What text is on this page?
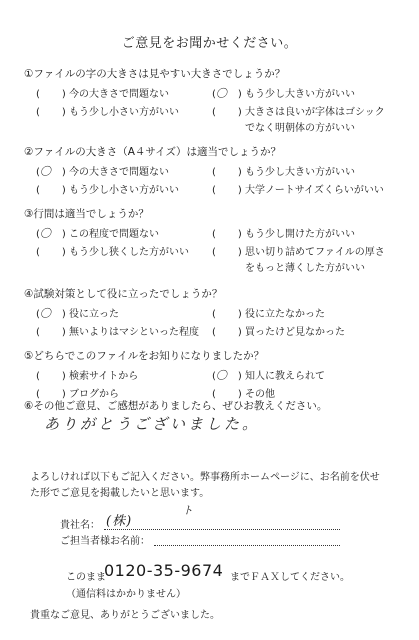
ご意見をお聞かせください。
①ファイルの字の大きさは見やすい大きさでしょうか？
( ) 今の大きさで問題ない	(〇 ) もう少し大きい方がいい
( ) もう少し小さい方がいい	( ) 大きさは良いが字体はゴシック
でなく明朝体の方がいい
②ファイルの大きさ（A４サイズ）は適当でしょうか？
(〇 ) 今の大きさで問題ない	( ) もう少し大きい方がいい
( ) もう少し小さい方がいい	( ) 大学ノートサイズくらいがいい
③行間は適当でしょうか？
(〇 ) この程度で問題ない	( ) もう少し開けた方がいい
( ) もう少し狭くした方がいい ( ) 思い切り詰めてファイルの厚さ
をもっと薄くした方がいい
④試験対策として役に立ったでしょうか？
(〇 ) 役に立った	( ) 役に立たなかった
( ) 無いよりはマシといった程度 ( ) 買ったけど見なかった
⑤どちらでこのファイルをお知りになりましたか？
( ) 検索サイトから	(〇 ) 知人に教えられて
( ) ブログから	( ) その他
⑥その他ご意見、ご感想がありましたら、ぜひお教えください。
ありがとうございました。
よろしければ以下もご記入ください。弊事務所ホームページに、お名前を伏せ
た形でご意見を掲載したいと思います。
貴社名： (株)
ト
ご担当者様お名前：
このまま
0120-35-9674 までＦＡＸしてください。
（通信料はかかりません）
貴重なご意見、ありがとうございました。
